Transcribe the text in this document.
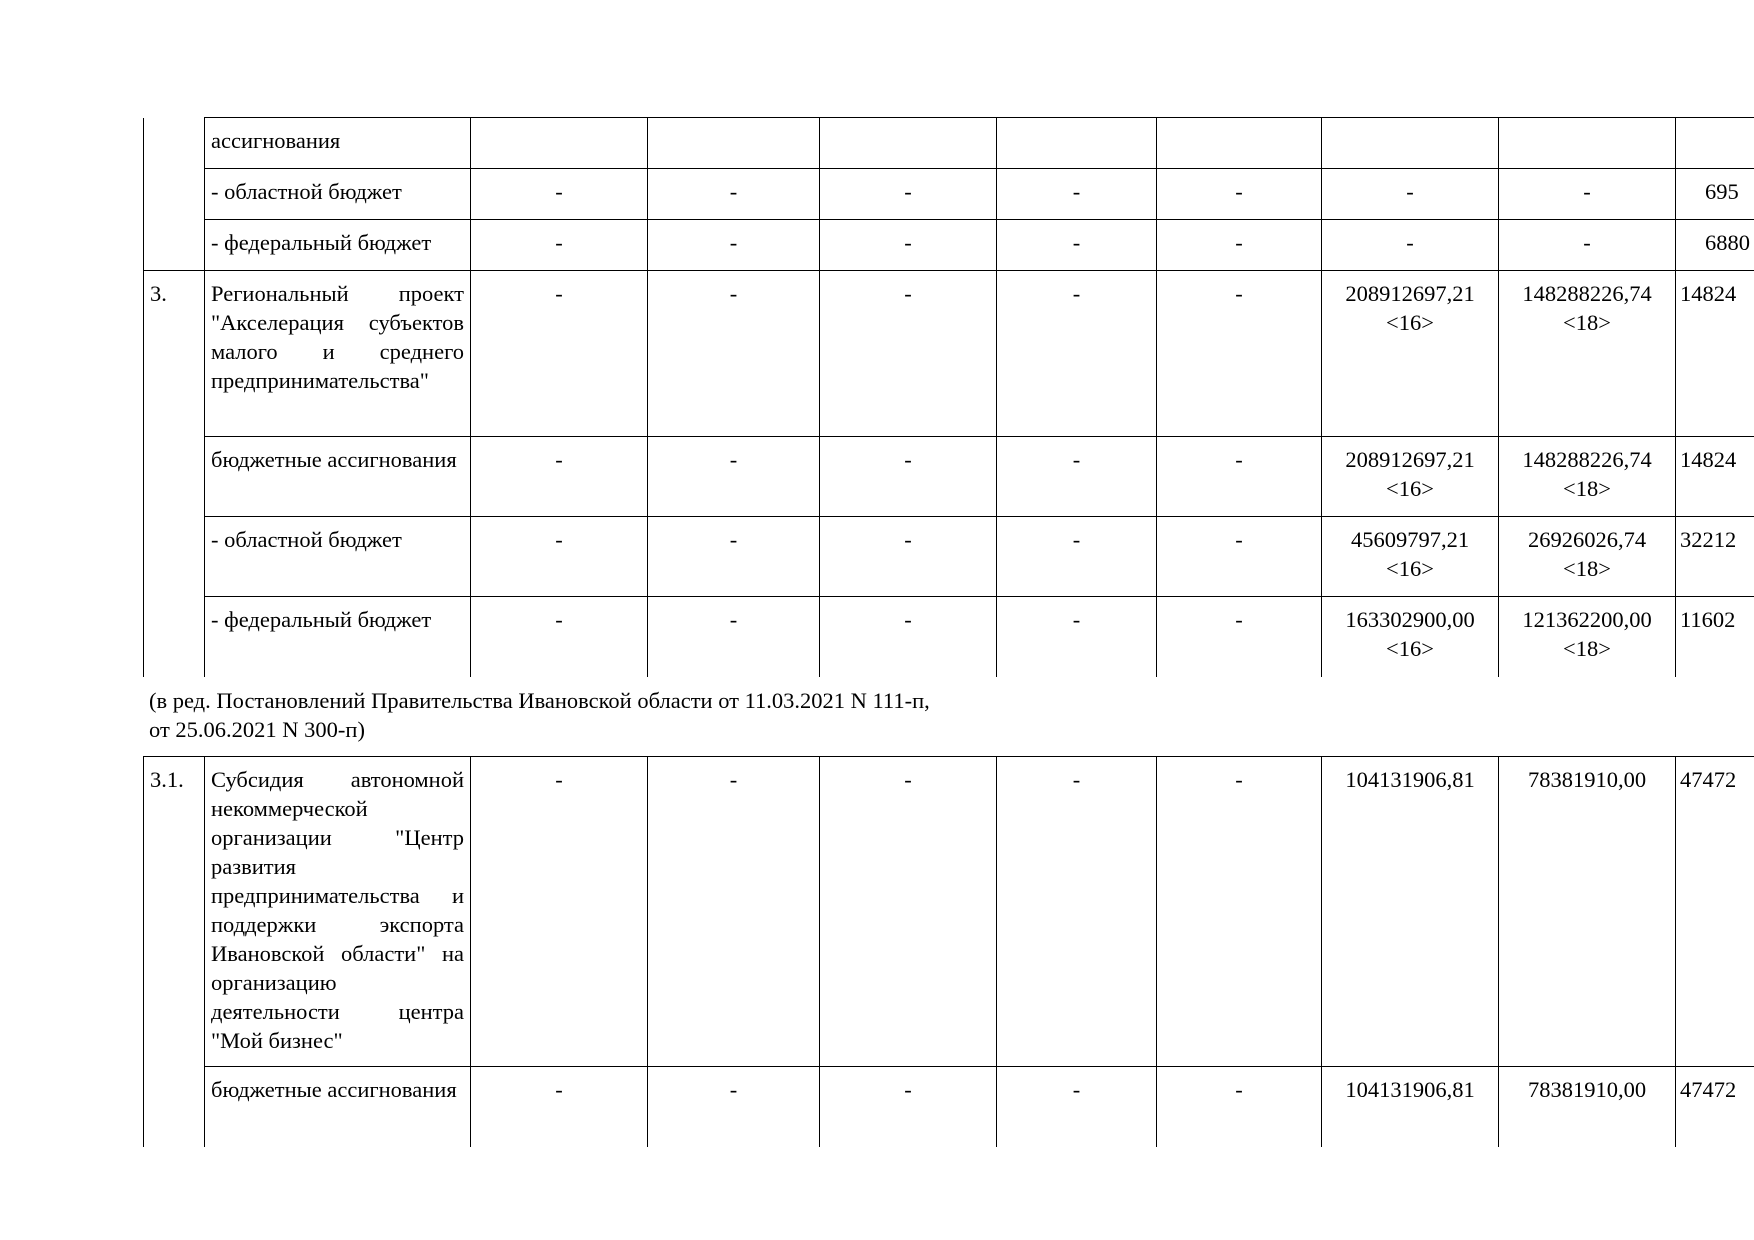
	ассигнования								
	- областной бюджет	-	-	-	-	-	-	-	695
	- федеральный бюджет	-	-	-	-	-	-	-	6880
3.	Региональный проект "Акселерация субъектов малого и среднего предпринимательства"	-	-	-	-	-	208912697,21 <16>	148288226,74 <18>	14824
	бюджетные ассигнования	-	-	-	-	-	208912697,21 <16>	148288226,74 <18>	14824
	- областной бюджет	-	-	-	-	-	45609797,21 <16>	26926026,74 <18>	32212
	- федеральный бюджет	-	-	-	-	-	163302900,00 <16>	121362200,00 <18>	11602
(в ред. Постановлений Правительства Ивановской области от 11.03.2021 N 111-п,
от 25.06.2021 N 300-п)
3.1.	Субсидия автономной некоммерческой организации "Центр развития предпринимательства и поддержки экспорта Ивановской области" на организацию деятельности центра "Мой бизнес"	-	-	-	-	-	104131906,81	78381910,00	47472
	бюджетные ассигнования	-	-	-	-	-	104131906,81	78381910,00	47472
